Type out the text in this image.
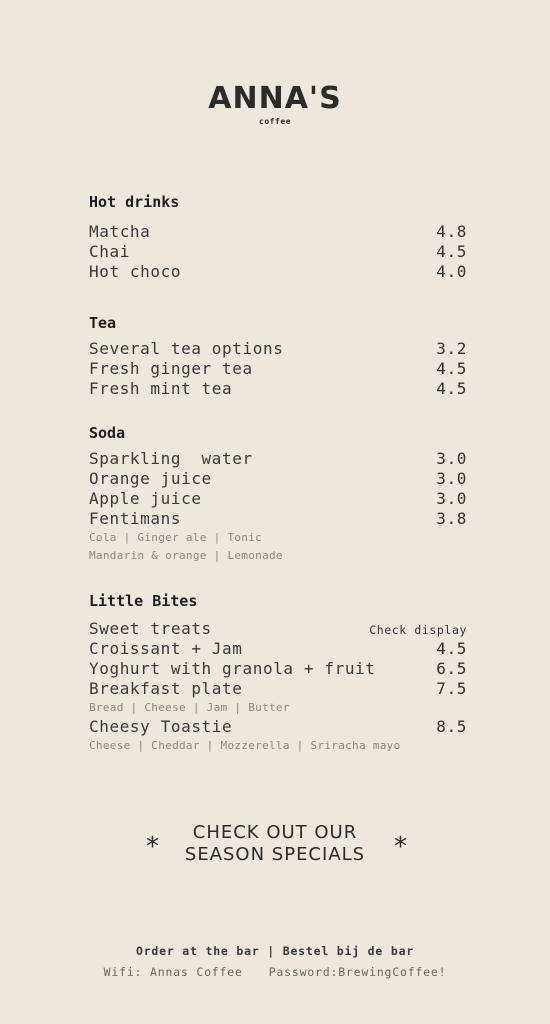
ANNA'S
coffee
Hot drinks
Matcha	4.8
Chai	4.5
Hot choco	4.0
Tea
Several tea options	3.2
Fresh ginger tea	4.5
Fresh mint tea	4.5
Soda
Sparkling  water	3.0
Orange juice	3.0
Apple juice	3.0
Fentimans	3.8
Cola | Ginger ale | Tonic
Mandarin & orange | Lemonade
Little Bites
Sweet treats	Check display
Croissant + Jam	4.5
Yoghurt with granola + fruit	6.5
Breakfast plate	7.5
Bread | Cheese | Jam | Butter
Cheesy Toastie	8.5
Cheese | Cheddar | Mozzerella | Sriracha mayo
*	CHECK OUT OUR
SEASON SPECIALS *
Order at the bar | Bestel bij de bar
Wifi: Annas Coffee Password:BrewingCoffee!
